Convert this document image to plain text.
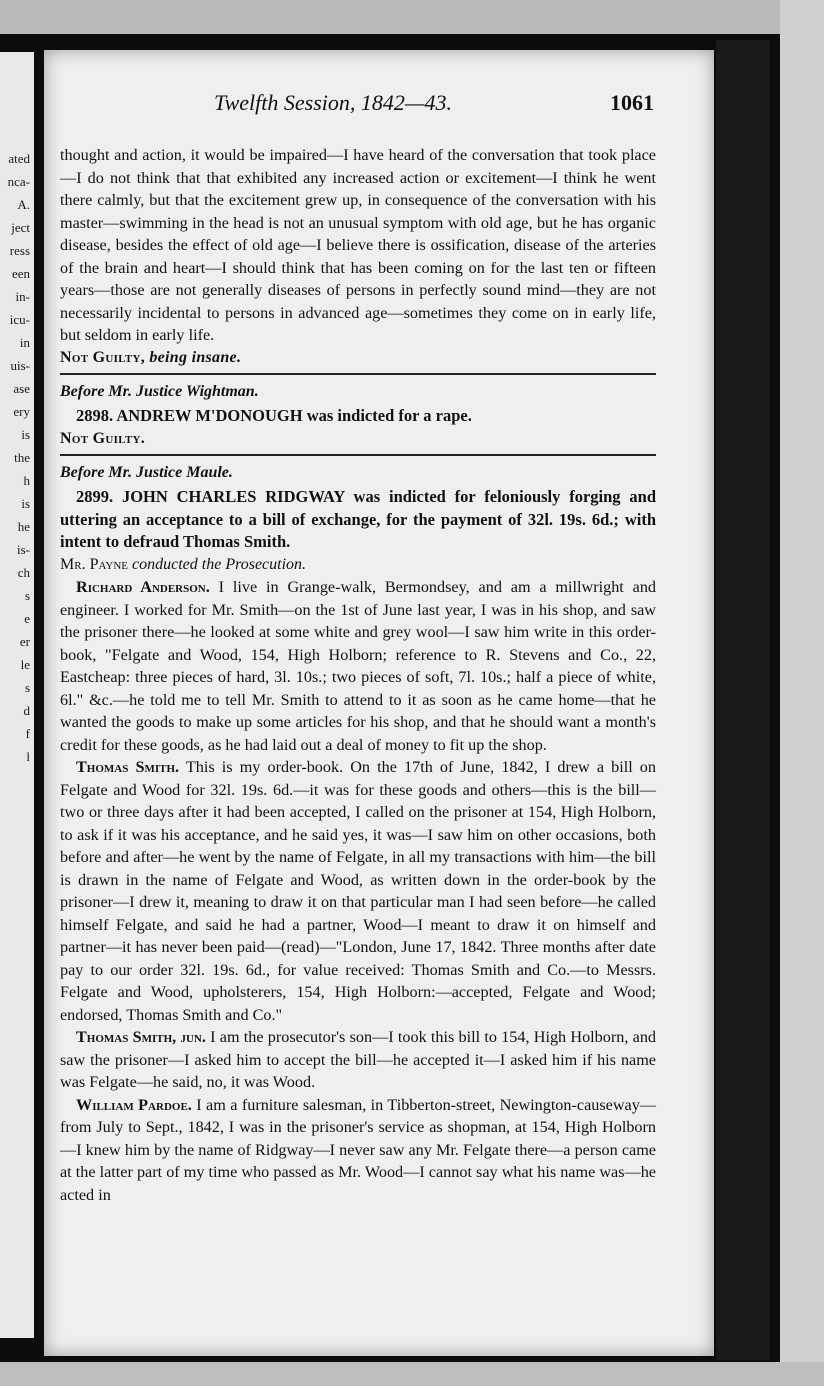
ated
nca-
A.
ject
ress
een
in-
icu-
in
uis-
ase
ery
is
the
h
is
he
is-
ch
s
e
er
le
s
d
f
l
Twelfth Session, 1842—43.	1061

thought and action, it would be impaired—I have heard of the conversation that took place—I do not think that that exhibited any increased action or excitement—I think he went there calmly, but that the excitement grew up, in consequence of the conversation with his master—swimming in the head is not an unusual symptom with old age, but he has organic disease, besides the effect of old age—I believe there is ossification, disease of the arteries of the brain and heart—I should think that has been coming on for the last ten or fifteen years—those are not generally diseases of persons in perfectly sound mind—they are not necessarily incidental to persons in advanced age—sometimes they come on in early life, but seldom in early life.

Not Guilty, being insane.

Before Mr. Justice Wightman.

2898. ANDREW M'DONOUGH was indicted for a rape.

Not Guilty.

Before Mr. Justice Maule.

2899. JOHN CHARLES RIDGWAY was indicted for feloniously forging and uttering an acceptance to a bill of exchange, for the payment of 32l. 19s. 6d.; with intent to defraud Thomas Smith.

Mr. Payne conducted the Prosecution.

Richard Anderson. I live in Grange-walk, Bermondsey, and am a millwright and engineer. I worked for Mr. Smith—on the 1st of June last year, I was in his shop, and saw the prisoner there—he looked at some white and grey wool—I saw him write in this order-book, "Felgate and Wood, 154, High Holborn; reference to R. Stevens and Co., 22, Eastcheap: three pieces of hard, 3l. 10s.; two pieces of soft, 7l. 10s.; half a piece of white, 6l." &c.—he told me to tell Mr. Smith to attend to it as soon as he came home—that he wanted the goods to make up some articles for his shop, and that he should want a month's credit for these goods, as he had laid out a deal of money to fit up the shop.

Thomas Smith. This is my order-book. On the 17th of June, 1842, I drew a bill on Felgate and Wood for 32l. 19s. 6d.—it was for these goods and others—this is the bill—two or three days after it had been accepted, I called on the prisoner at 154, High Holborn, to ask if it was his acceptance, and he said yes, it was—I saw him on other occasions, both before and after—he went by the name of Felgate, in all my transactions with him—the bill is drawn in the name of Felgate and Wood, as written down in the order-book by the prisoner—I drew it, meaning to draw it on that particular man I had seen before—he called himself Felgate, and said he had a partner, Wood—I meant to draw it on himself and partner—it has never been paid—(read)—"London, June 17, 1842. Three months after date pay to our order 32l. 19s. 6d., for value received: Thomas Smith and Co.—to Messrs. Felgate and Wood, upholsterers, 154, High Holborn:—accepted, Felgate and Wood; endorsed, Thomas Smith and Co."

Thomas Smith, jun. I am the prosecutor's son—I took this bill to 154, High Holborn, and saw the prisoner—I asked him to accept the bill—he accepted it—I asked him if his name was Felgate—he said, no, it was Wood.

William Pardoe. I am a furniture salesman, in Tibberton-street, Newington-causeway—from July to Sept., 1842, I was in the prisoner's service as shopman, at 154, High Holborn—I knew him by the name of Ridgway—I never saw any Mr. Felgate there—a person came at the latter part of my time who passed as Mr. Wood—I cannot say what his name was—he acted in
